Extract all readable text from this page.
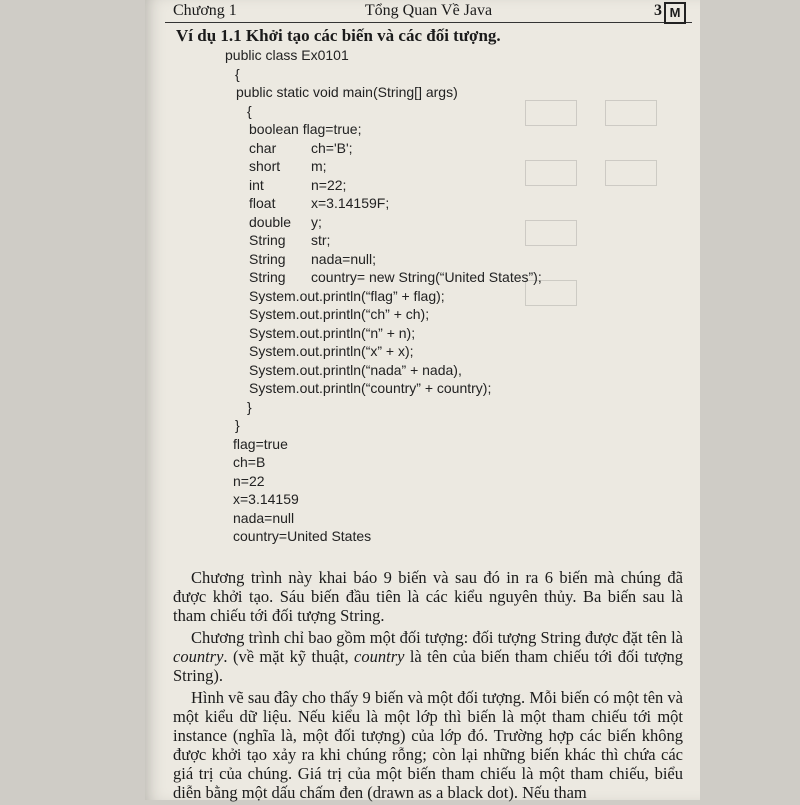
Chương 1	Tổng Quan Về Java	3 M
Ví dụ 1.1 Khởi tạo các biến và các đối tượng.
public class Ex0101
{
public static void main(String[] args)
{
boolean flag=true;
char ch='B';
short m;
int	n=22;
float	x=3.14159F;
double y;
String str;
String nada=null;
String country= new String(“United States”);
System.out.println(“flag” + flag);
System.out.println(“ch” + ch);
System.out.println(“n” + n);
System.out.println(“x” + x);
System.out.println(“nada” + nada),
System.out.println(“country” + country);
}
}
flag=true
ch=B
n=22
x=3.14159
nada=null
country=United States

Chương trình này khai báo 9 biến và sau đó in ra 6 biến mà chúng đã được khởi tạo. Sáu biến đầu tiên là các kiểu nguyên thủy. Ba biến sau là tham chiếu tới đối tượng String.

Chương trình chỉ bao gồm một đối tượng: đối tượng String được đặt tên là country. (về mặt kỹ thuật, country là tên của biến tham chiếu tới đối tượng String).

Hình vẽ sau đây cho thấy 9 biến và một đối tượng. Mỗi biến có một tên và một kiểu dữ liệu. Nếu kiểu là một lớp thì biến là một tham chiếu tới một instance (nghĩa là, một đối tượng) của lớp đó. Trường hợp các biến không được khởi tạo xảy ra khi chúng rỗng; còn lại những biến khác thì chứa các giá trị của chúng. Giá trị của một biến tham chiếu là một tham chiếu, biểu diễn bằng một dấu chấm đen (drawn as a black dot). Nếu tham
